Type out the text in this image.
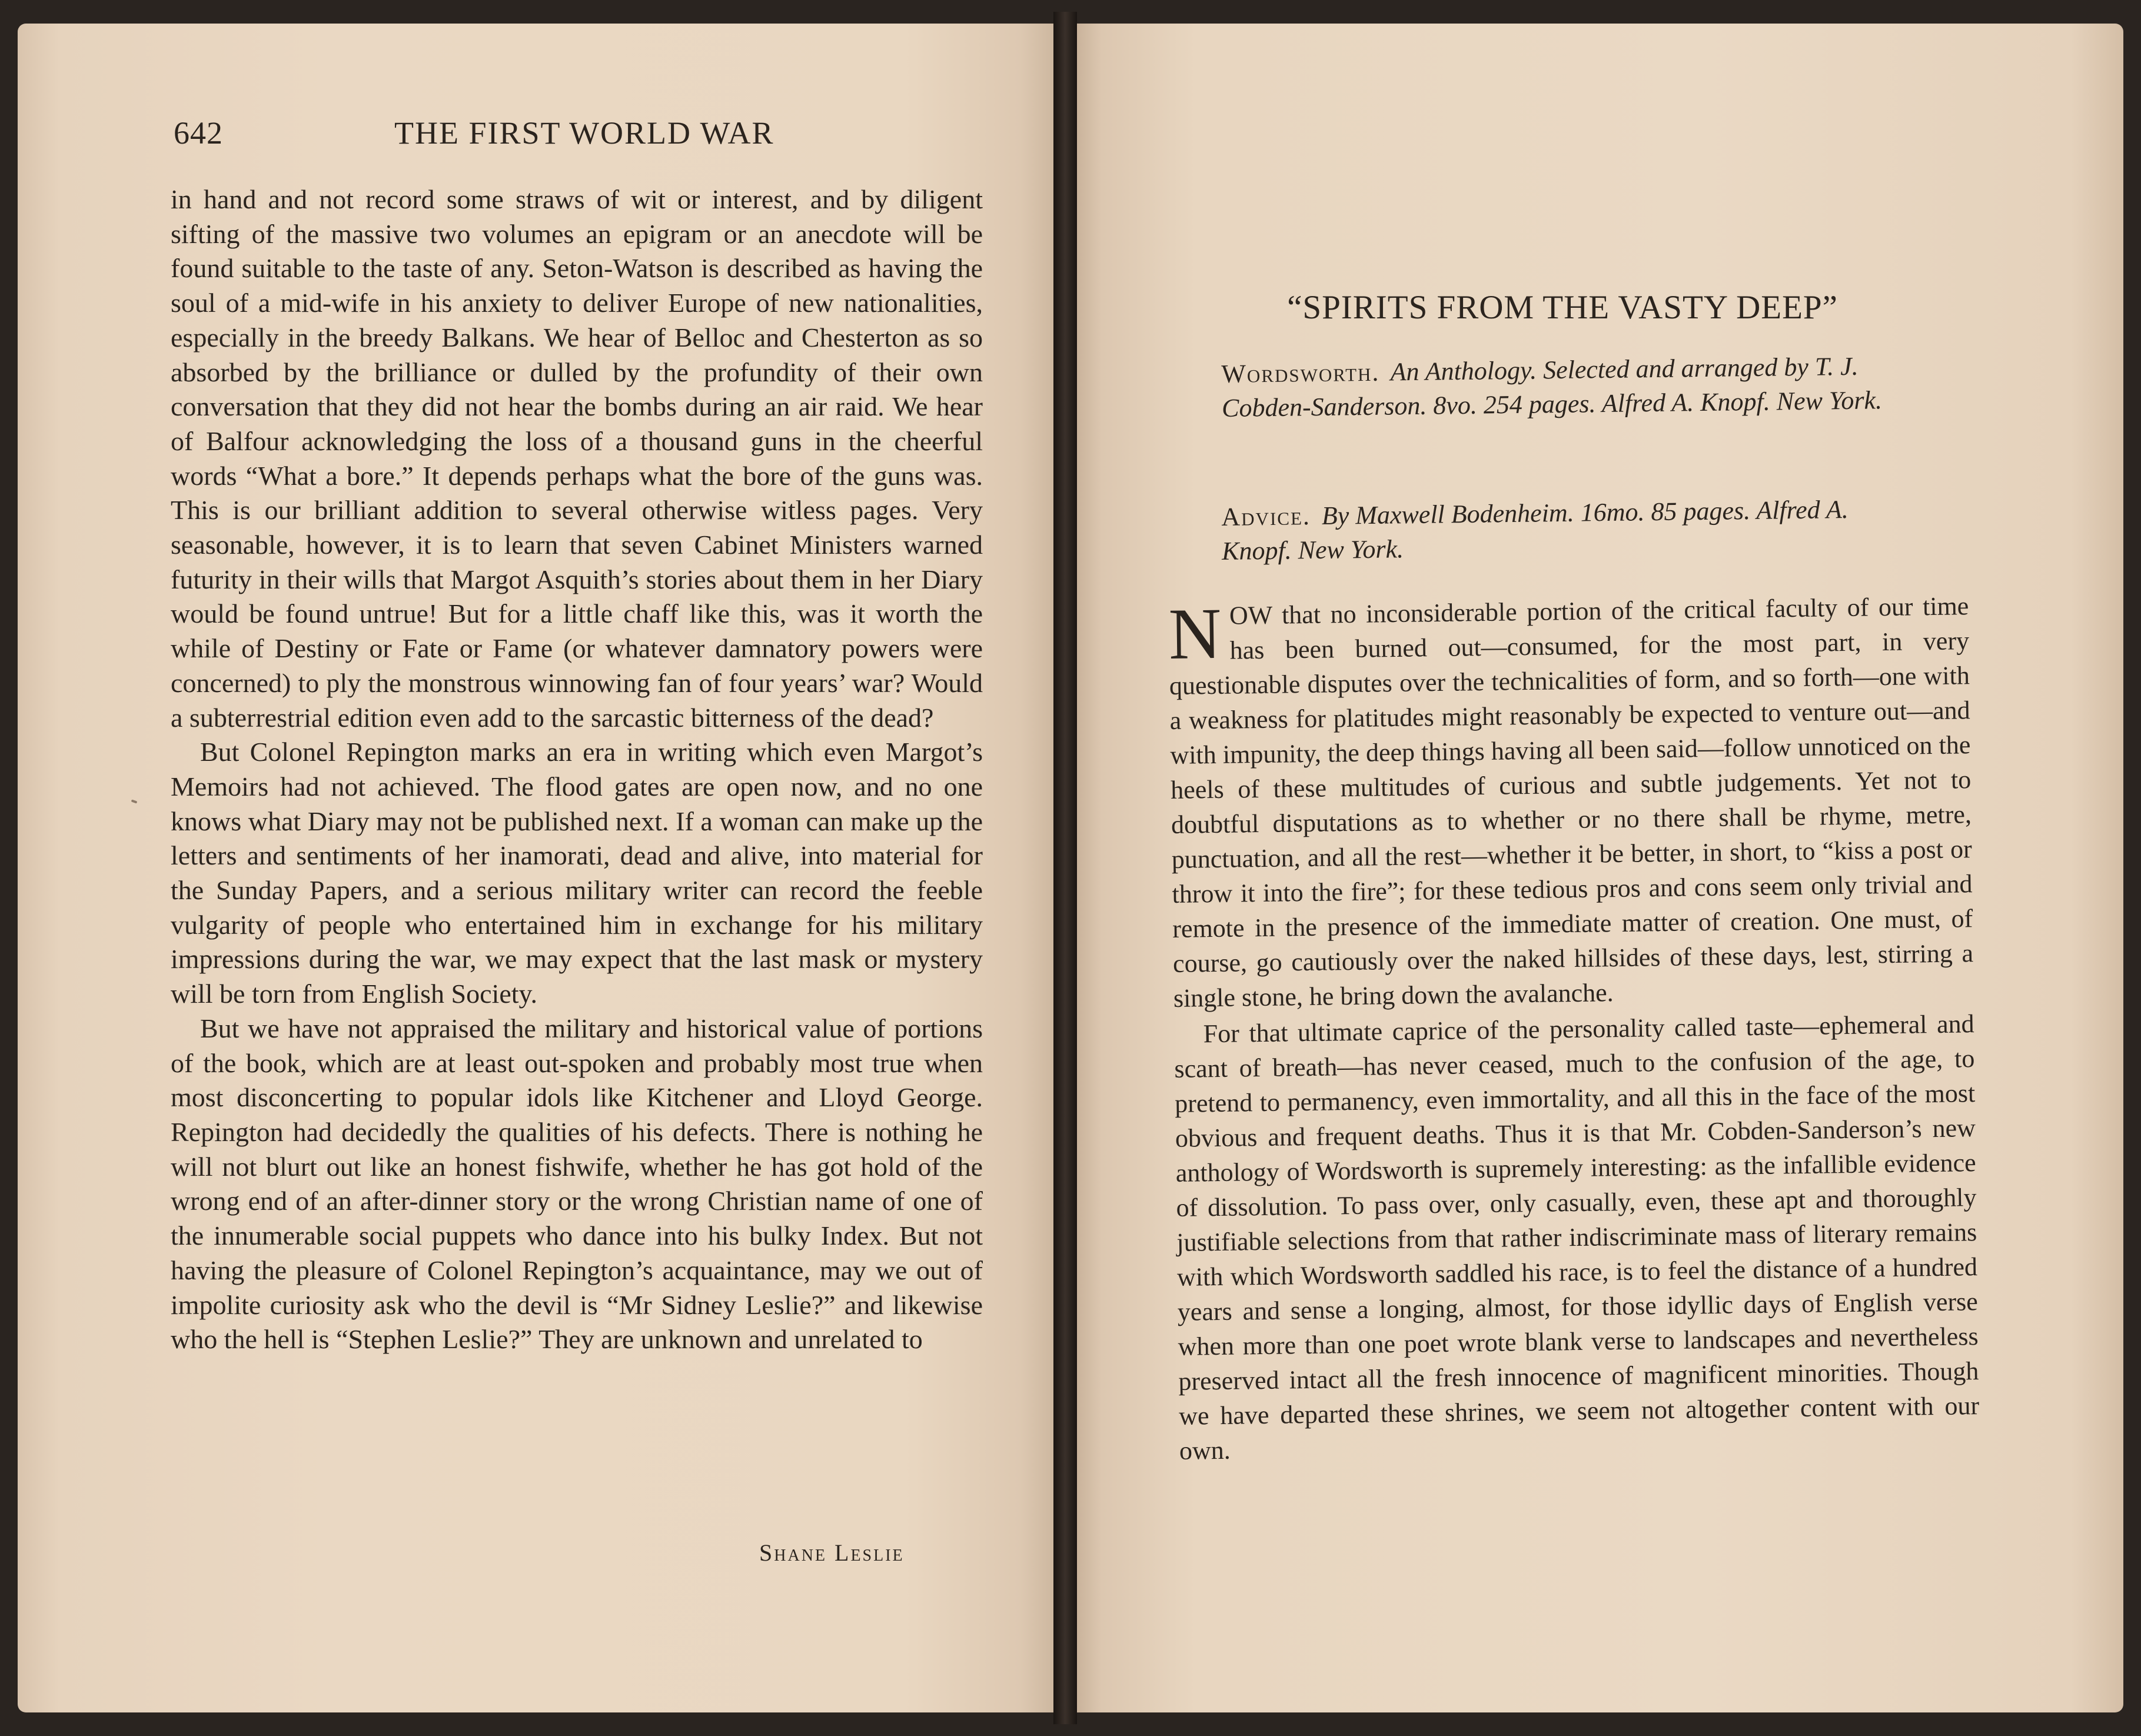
642	THE FIRST WORLD WAR

in hand and not record some straws of wit or interest, and by diligent sifting of the massive two volumes an epigram or an anecdote will be found suitable to the taste of any. Seton-Watson is described as having the soul of a mid-wife in his anxiety to deliver Europe of new nationalities, especially in the breedy Balkans. We hear of Belloc and Chesterton as so absorbed by the brilliance or dulled by the profundity of their own conversation that they did not hear the bombs during an air raid. We hear of Balfour acknowledging the loss of a thousand guns in the cheerful words “What a bore.” It depends perhaps what the bore of the guns was. This is our brilliant addition to several otherwise witless pages. Very seasonable, however, it is to learn that seven Cabinet Ministers warned futurity in their wills that Margot Asquith’s stories about them in her Diary would be found untrue! But for a little chaff like this, was it worth the while of Destiny or Fate or Fame (or whatever damnatory powers were concerned) to ply the monstrous winnowing fan of four years’ war? Would a subterrestrial edition even add to the sarcastic bitterness of the dead?

But Colonel Repington marks an era in writing which even Margot’s Memoirs had not achieved. The flood gates are open now, and no one knows what Diary may not be published next. If a woman can make up the letters and sentiments of her inamorati, dead and alive, into material for the Sunday Papers, and a serious military writer can record the feeble vulgarity of people who entertained him in exchange for his military impressions during the war, we may expect that the last mask or mystery will be torn from English Society.

But we have not appraised the military and historical value of portions of the book, which are at least out-spoken and probably most true when most disconcerting to popular idols like Kitchener and Lloyd George. Repington had decidedly the qualities of his defects. There is nothing he will not blurt out like an honest fishwife, whether he has got hold of the wrong end of an after-dinner story or the wrong Christian name of one of the innumerable social puppets who dance into his bulky Index. But not having the pleasure of Colonel Repington’s acquaintance, may we out of impolite curiosity ask who the devil is “Mr Sidney Leslie?” and likewise who the hell is “Stephen Leslie?” They are unknown and unrelated to

Shane Leslie
“SPIRITS FROM THE VASTY DEEP”
Wordsworth. An Anthology. Selected and arranged by T. J. Cobden-Sanderson. 8vo. 254 pages. Alfred A. Knopf. New York.
Advice. By Maxwell Bodenheim. 16mo. 85 pages. Alfred A. Knopf. New York.

NOW that no inconsiderable portion of the critical faculty of our time has been burned out—consumed, for the most part, in very questionable disputes over the technicalities of form, and so forth—one with a weakness for platitudes might reasonably be expected to venture out—and with impunity, the deep things having all been said—follow unnoticed on the heels of these multitudes of curious and subtle judgements. Yet not to doubtful disputations as to whether or no there shall be rhyme, metre, punctuation, and all the rest—whether it be better, in short, to “kiss a post or throw it into the fire”; for these tedious pros and cons seem only trivial and remote in the presence of the immediate matter of creation. One must, of course, go cautiously over the naked hillsides of these days, lest, stirring a single stone, he bring down the avalanche.

For that ultimate caprice of the personality called taste—ephemeral and scant of breath—has never ceased, much to the confusion of the age, to pretend to permanency, even immortality, and all this in the face of the most obvious and frequent deaths. Thus it is that Mr. Cobden-Sanderson’s new anthology of Wordsworth is supremely interesting: as the infallible evidence of dissolution. To pass over, only casually, even, these apt and thoroughly justifiable selections from that rather indiscriminate mass of literary remains with which Wordsworth saddled his race, is to feel the distance of a hundred years and sense a longing, almost, for those idyllic days of English verse when more than one poet wrote blank verse to landscapes and nevertheless preserved intact all the fresh innocence of magnificent minorities. Though we have departed these shrines, we seem not altogether content with our own.
